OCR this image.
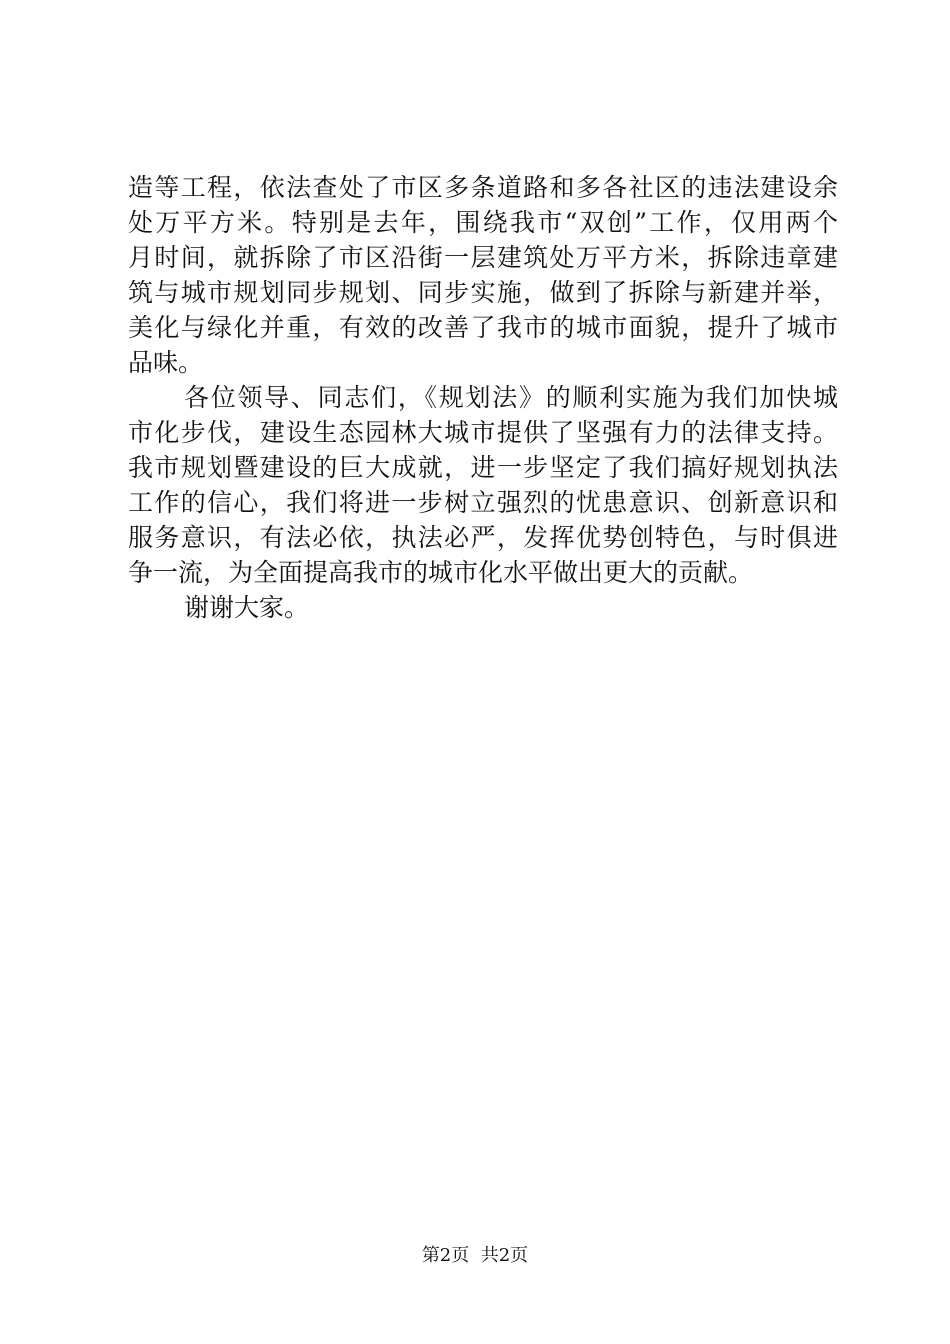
造等工程，依法查处了市区多条道路和多各社区的违法建设余
处万平方米。特别是去年，围绕我市“双创”工作，仅用两个
月时间，就拆除了市区沿街一层建筑处万平方米，拆除违章建
筑与城市规划同步规划、同步实施，做到了拆除与新建并举，
美化与绿化并重，有效的改善了我市的城市面貌，提升了城市
品味。
各位领导、同志们，《规划法》的顺利实施为我们加快城
市化步伐，建设生态园林大城市提供了坚强有力的法律支持。
我市规划暨建设的巨大成就，进一步坚定了我们搞好规划执法
工作的信心，我们将进一步树立强烈的忧患意识、创新意识和
服务意识，有法必依，执法必严，发挥优势创特色，与时俱进
争一流，为全面提高我市的城市化水平做出更大的贡献。
谢谢大家。
第2页  共2页
